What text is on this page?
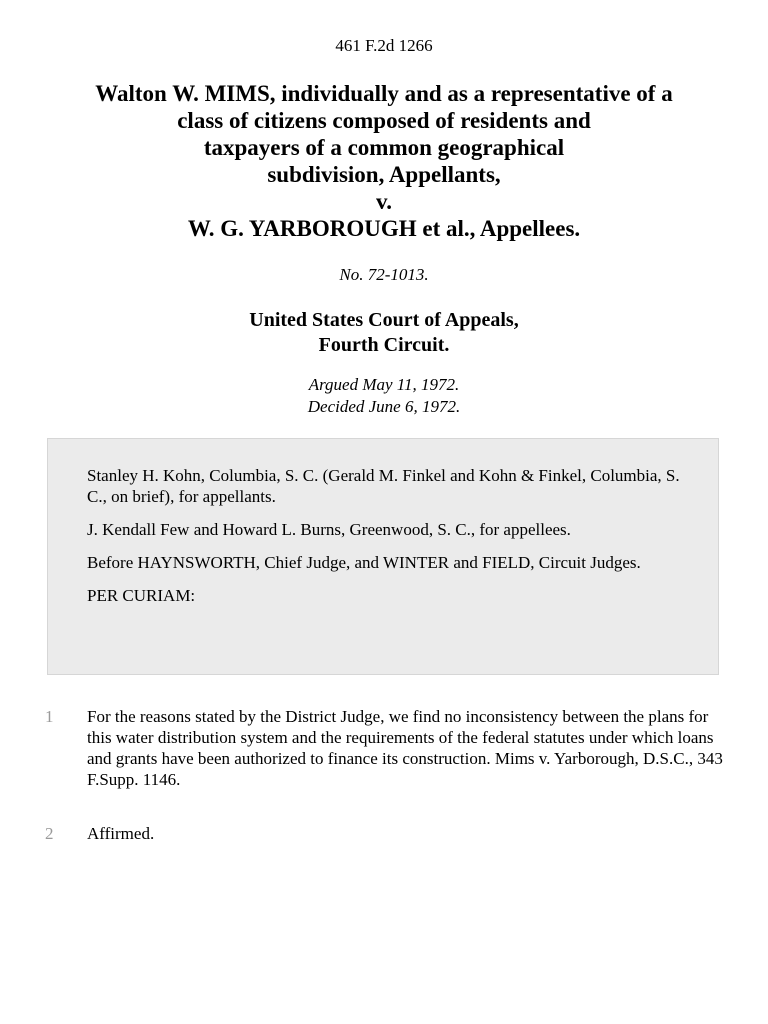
461 F.2d 1266
Walton W. MIMS, individually and as a representative of a
class of citizens composed of residents and
taxpayers of a common geographical
subdivision, Appellants,
v.
W. G. YARBOROUGH et al., Appellees.
No. 72-1013.
United States Court of Appeals,
Fourth Circuit.
Argued May 11, 1972.
Decided June 6, 1972.

Stanley H. Kohn, Columbia, S. C. (Gerald M. Finkel and Kohn & Finkel, Columbia, S. C., on brief), for appellants.

J. Kendall Few and Howard L. Burns, Greenwood, S. C., for appellees.

Before HAYNSWORTH, Chief Judge, and WINTER and FIELD, Circuit Judges.

PER CURIAM:

1 For the reasons stated by the District Judge, we find no inconsistency between the plans for this water distribution system and the requirements of the federal statutes under which loans and grants have been authorized to finance its construction. Mims v. Yarborough, D.S.C., 343 F.Supp. 1146.
2 Affirmed.
